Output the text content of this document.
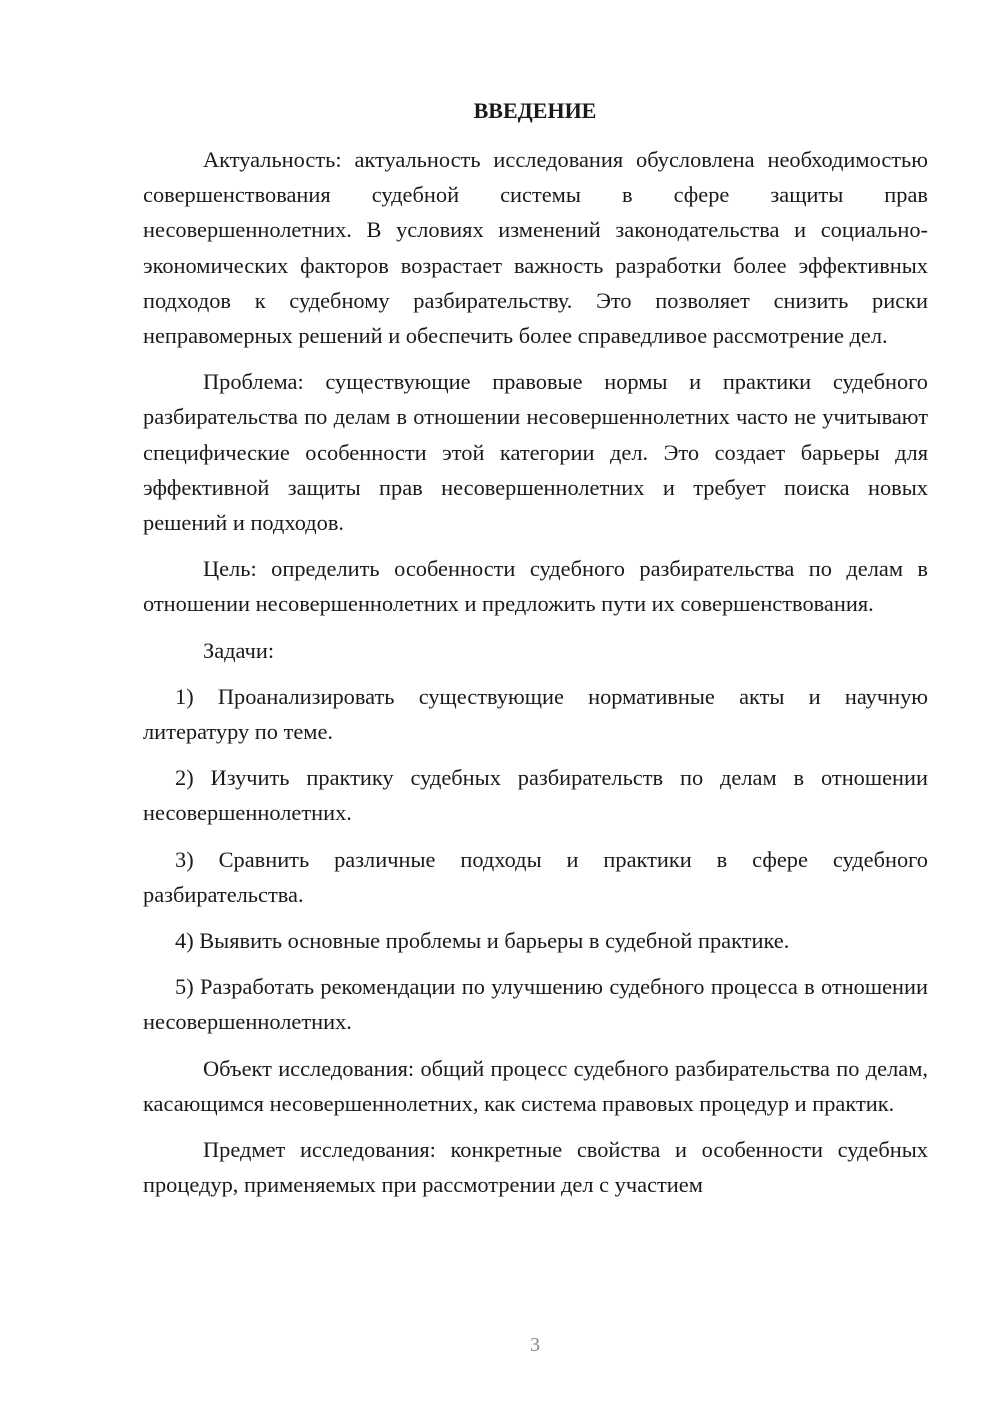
ВВЕДЕНИЕ

Актуальность: актуальность исследования обусловлена необходимостью совершенствования судебной системы в сфере защиты прав несовершеннолетних. В условиях изменений законодательства и социально-экономических факторов возрастает важность разработки более эффективных подходов к судебному разбирательству. Это позволяет снизить риски неправомерных решений и обеспечить более справедливое рассмотрение дел.

Проблема: существующие правовые нормы и практики судебного разбирательства по делам в отношении несовершеннолетних часто не учитывают специфические особенности этой категории дел. Это создает барьеры для эффективной защиты прав несовершеннолетних и требует поиска новых решений и подходов.

Цель: определить особенности судебного разбирательства по делам в отношении несовершеннолетних и предложить пути их совершенствования.

Задачи:

1) Проанализировать существующие нормативные акты и научную литературу по теме.

2) Изучить практику судебных разбирательств по делам в отношении несовершеннолетних.

3) Сравнить различные подходы и практики в сфере судебного разбирательства.

4) Выявить основные проблемы и барьеры в судебной практике.

5) Разработать рекомендации по улучшению судебного процесса в отношении несовершеннолетних.

Объект исследования: общий процесс судебного разбирательства по делам, касающимся несовершеннолетних, как система правовых процедур и практик.

Предмет исследования: конкретные свойства и особенности судебных процедур, применяемых при рассмотрении дел с участием

3
